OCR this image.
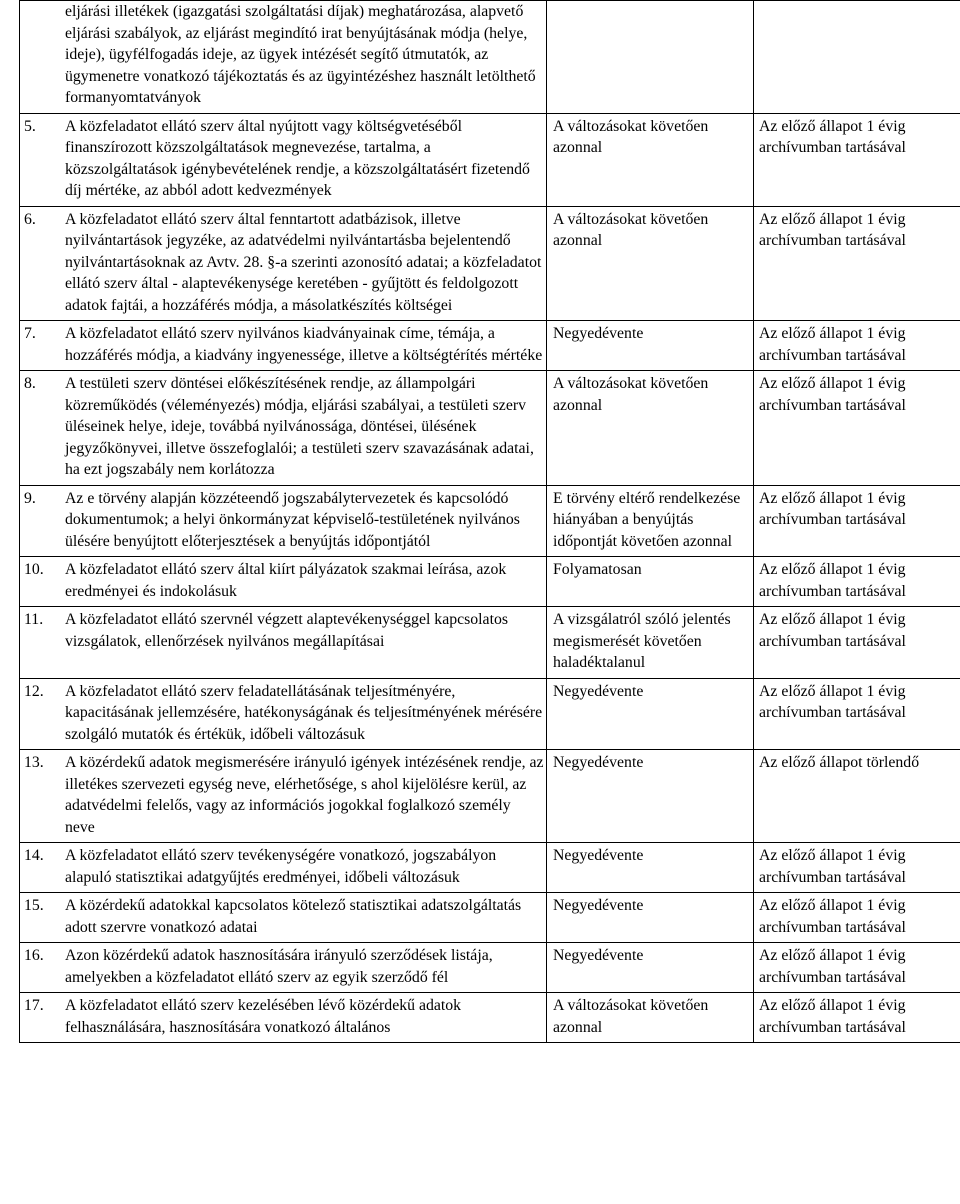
eljárási illetékek (igazgatási szolgáltatási díjak) meghatározása, alapvető eljárási szabályok, az eljárást megindító irat benyújtásának módja (helye, ideje), ügyfélfogadás ideje, az ügyek intézését segítő útmutatók, az ügymenetre vonatkozó tájékoztatás és az ügyintézéshez használt letölthető formanyomtatványok		

5. A közfeladatot ellátó szerv által nyújtott vagy költségvetéséből finanszírozott közszolgáltatások megnevezése, tartalma, a közszolgáltatások igénybevételének rendje, a közszolgáltatásért fizetendő díj mértéke, az abból adott kedvezmények	A változásokat követően azonnal	Az előző állapot 1 évig archívumban tartásával

6. A közfeladatot ellátó szerv által fenntartott adatbázisok, illetve nyilvántartások jegyzéke, az adatvédelmi nyilvántartásba bejelentendő nyilvántartásoknak az Avtv. 28. §-a szerinti azonosító adatai; a közfeladatot ellátó szerv által - alaptevékenysége keretében - gyűjtött és feldolgozott adatok fajtái, a hozzáférés módja, a másolatkészítés költségei	A változásokat követően azonnal	Az előző állapot 1 évig archívumban tartásával

7. A közfeladatot ellátó szerv nyilvános kiadványainak címe, témája, a hozzáférés módja, a kiadvány ingyenessége, illetve a költségtérítés mértéke	Negyedévente	Az előző állapot 1 évig archívumban tartásával

8. A testületi szerv döntései előkészítésének rendje, az állampolgári közreműködés (véleményezés) módja, eljárási szabályai, a testületi szerv üléseinek helye, ideje, továbbá nyilvánossága, döntései, ülésének jegyzőkönyvei, illetve összefoglalói; a testületi szerv szavazásának adatai, ha ezt jogszabály nem korlátozza	A változásokat követően azonnal	Az előző állapot 1 évig archívumban tartásával

9. Az e törvény alapján közzéteendő jogszabálytervezetek és kapcsolódó dokumentumok; a helyi önkormányzat képviselő-testületének nyilvános ülésére benyújtott előterjesztések a benyújtás időpontjától	E törvény eltérő rendelkezése hiányában a benyújtás időpontját követően azonnal	Az előző állapot 1 évig archívumban tartásával

10. A közfeladatot ellátó szerv által kiírt pályázatok szakmai leírása, azok eredményei és indokolásuk	Folyamatosan	Az előző állapot 1 évig archívumban tartásával

11. A közfeladatot ellátó szervnél végzett alaptevékenységgel kapcsolatos vizsgálatok, ellenőrzések nyilvános megállapításai	A vizsgálatról szóló jelentés megismerését követően haladéktalanul	Az előző állapot 1 évig archívumban tartásával

12. A közfeladatot ellátó szerv feladatellátásának teljesítményére, kapacitásának jellemzésére, hatékonyságának és teljesítményének mérésére szolgáló mutatók és értékük, időbeli változásuk	Negyedévente	Az előző állapot 1 évig archívumban tartásával

13. A közérdekű adatok megismerésére irányuló igények intézésének rendje, az illetékes szervezeti egység neve, elérhetősége, s ahol kijelölésre kerül, az adatvédelmi felelős, vagy az információs jogokkal foglalkozó személy neve	Negyedévente	Az előző állapot törlendő

14. A közfeladatot ellátó szerv tevékenységére vonatkozó, jogszabályon alapuló statisztikai adatgyűjtés eredményei, időbeli változásuk	Negyedévente	Az előző állapot 1 évig archívumban tartásával

15. A közérdekű adatokkal kapcsolatos kötelező statisztikai adatszolgáltatás adott szervre vonatkozó adatai	Negyedévente	Az előző állapot 1 évig archívumban tartásával

16. Azon közérdekű adatok hasznosítására irányuló szerződések listája, amelyekben a közfeladatot ellátó szerv az egyik szerződő fél	Negyedévente	Az előző állapot 1 évig archívumban tartásával

17. A közfeladatot ellátó szerv kezelésében lévő közérdekű adatok felhasználására, hasznosítására vonatkozó általános	A változásokat követően azonnal	Az előző állapot 1 évig archívumban tartásával
